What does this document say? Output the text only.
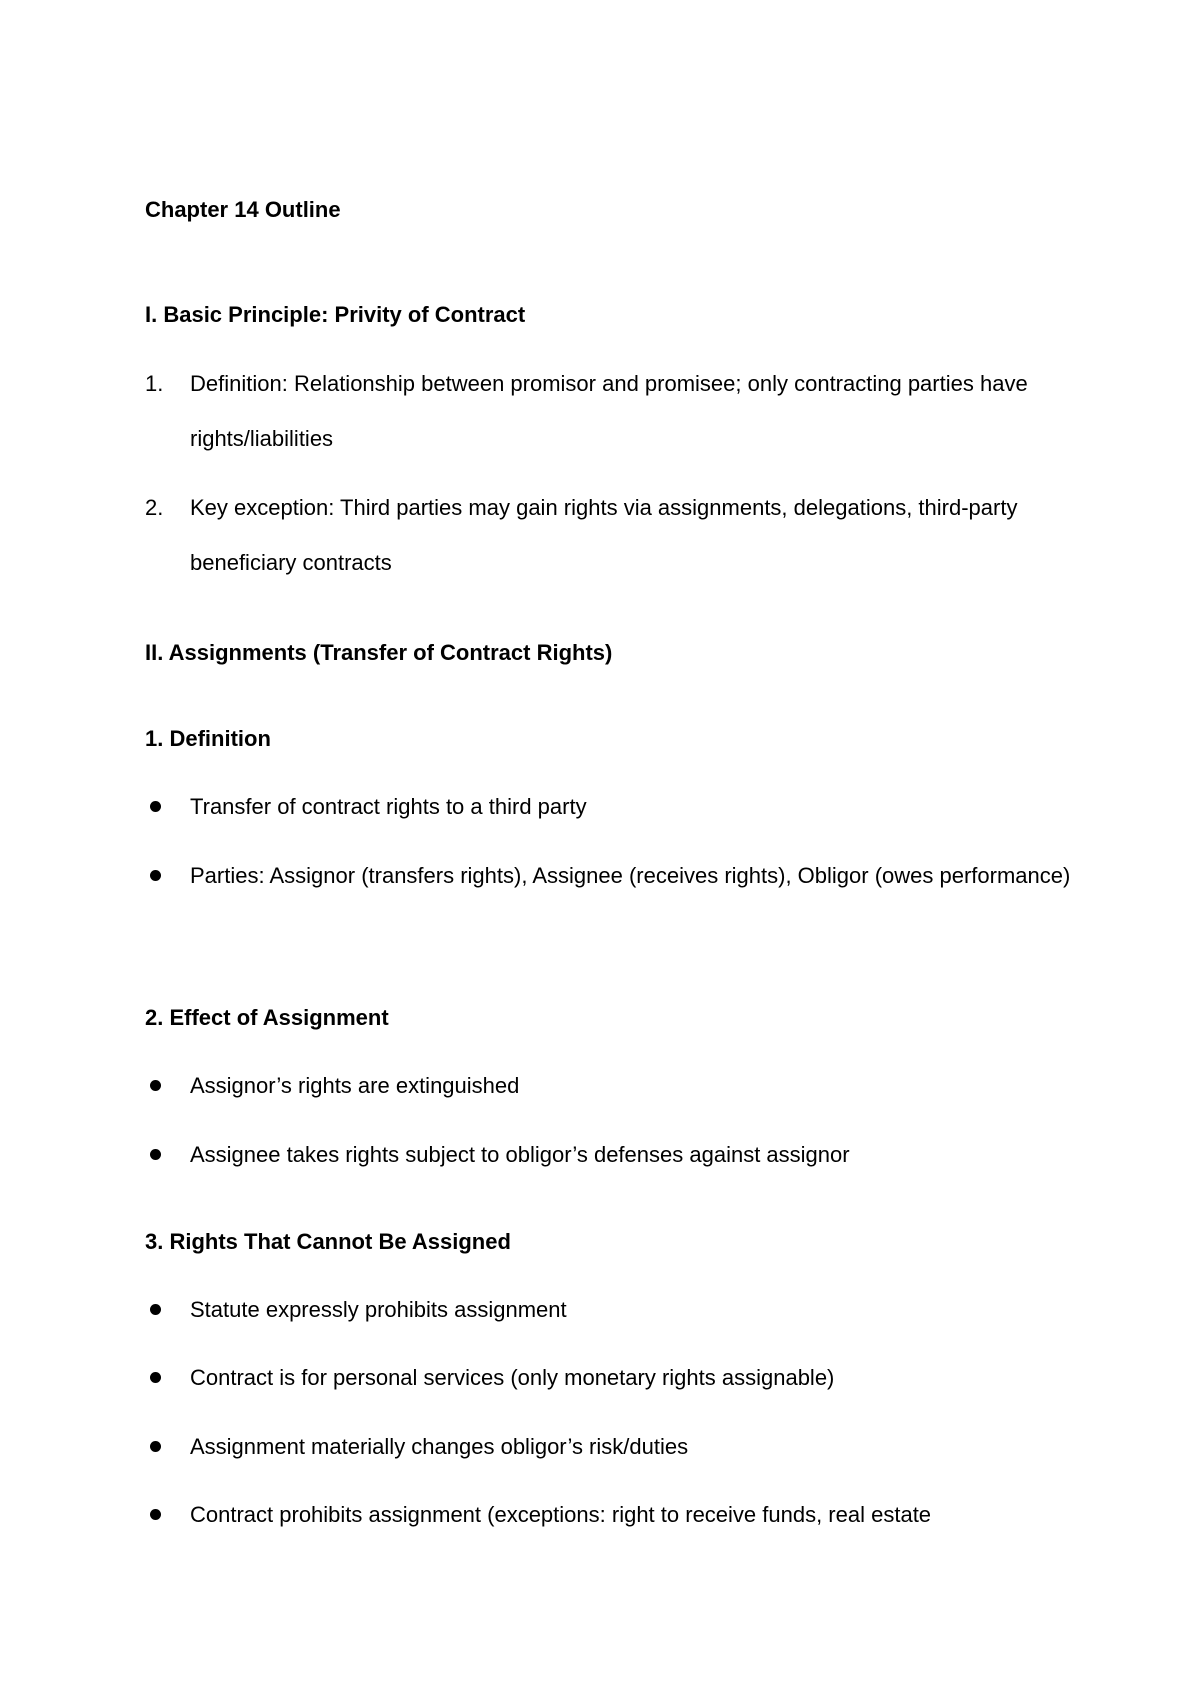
Chapter 14 Outline
I. Basic Principle: Privity of Contract
1.	Definition: Relationship between promisor and promisee; only contracting parties have rights/liabilities
2.	Key exception: Third parties may gain rights via assignments, delegations, third-party beneficiary contracts
II. Assignments (Transfer of Contract Rights)
1. Definition
Transfer of contract rights to a third party
Parties: Assignor (transfers rights), Assignee (receives rights), Obligor (owes performance)
2. Effect of Assignment
Assignor’s rights are extinguished
Assignee takes rights subject to obligor’s defenses against assignor
3. Rights That Cannot Be Assigned
Statute expressly prohibits assignment
Contract is for personal services (only monetary rights assignable)
Assignment materially changes obligor’s risk/duties
Contract prohibits assignment (exceptions: right to receive funds, real estate
